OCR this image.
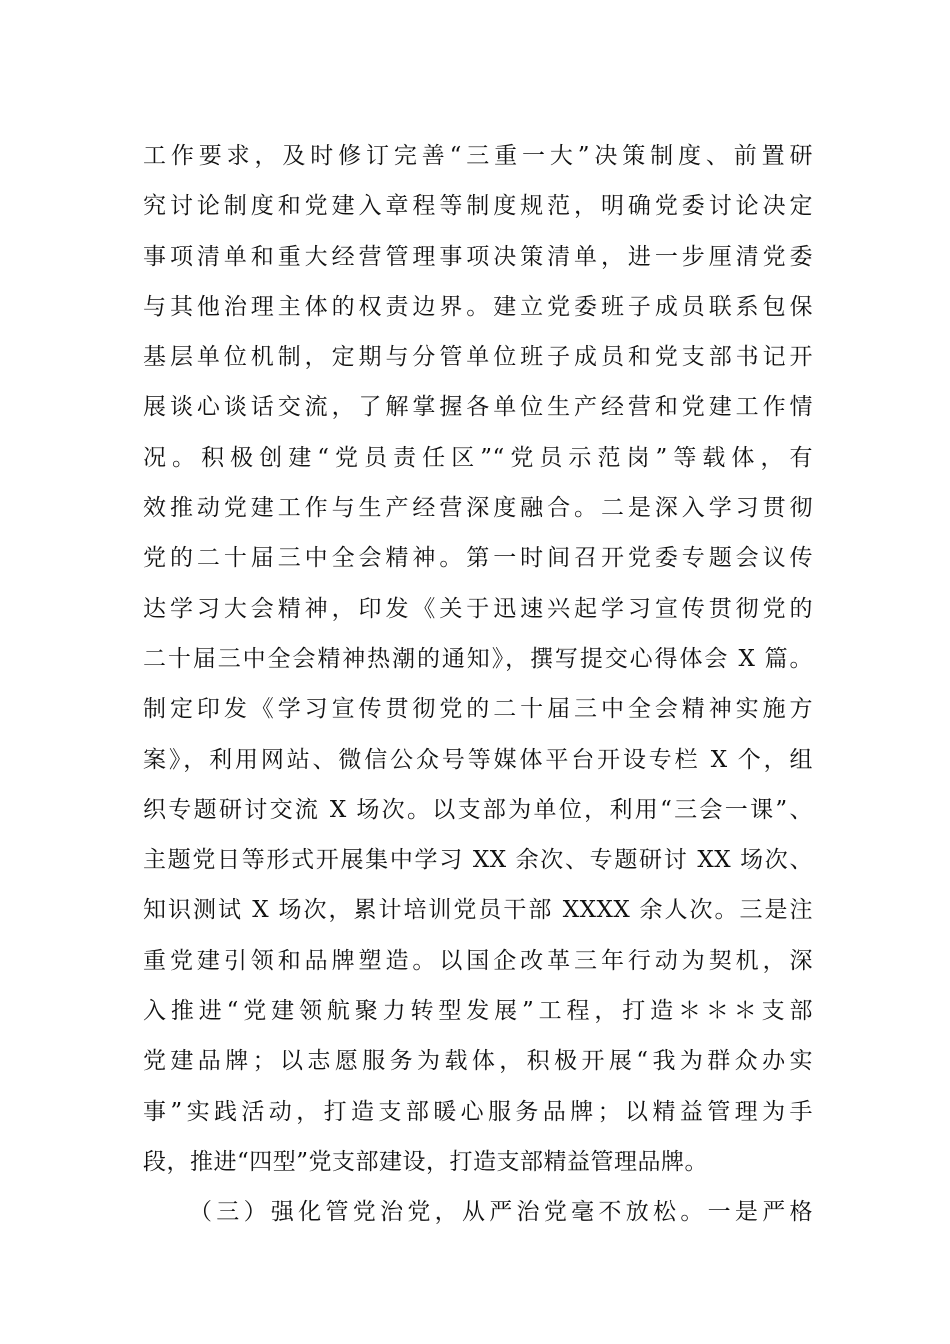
工作要求，及时修订完善“三重一大”决策制度、前置研
究讨论制度和党建入章程等制度规范，明确党委讨论决定
事项清单和重大经营管理事项决策清单，进一步厘清党委
与其他治理主体的权责边界。建立党委班子成员联系包保
基层单位机制，定期与分管单位班子成员和党支部书记开
展谈心谈话交流，了解掌握各单位生产经营和党建工作情
况。积极创建“党员责任区”“党员示范岗”等载体，有
效推动党建工作与生产经营深度融合。二是深入学习贯彻
党的二十届三中全会精神。第一时间召开党委专题会议传
达学习大会精神，印发《关于迅速兴起学习宣传贯彻党的
二十届三中全会精神热潮的通知》，撰写提交心得体会 X 篇。
制定印发《学习宣传贯彻党的二十届三中全会精神实施方
案》，利用网站、微信公众号等媒体平台开设专栏 X 个，组
织专题研讨交流 X 场次。以支部为单位，利用“三会一课”、
主题党日等形式开展集中学习 XX 余次、专题研讨 XX 场次、
知识测试 X 场次，累计培训党员干部 XXXX 余人次。三是注
重党建引领和品牌塑造。以国企改革三年行动为契机，深
入推进“党建领航聚力转型发展”工程，打造＊＊＊支部
党建品牌；以志愿服务为载体，积极开展“我为群众办实
事”实践活动，打造支部暖心服务品牌；以精益管理为手
段，推进“四型”党支部建设，打造支部精益管理品牌。
（三）强化管党治党，从严治党毫不放松。一是严格
